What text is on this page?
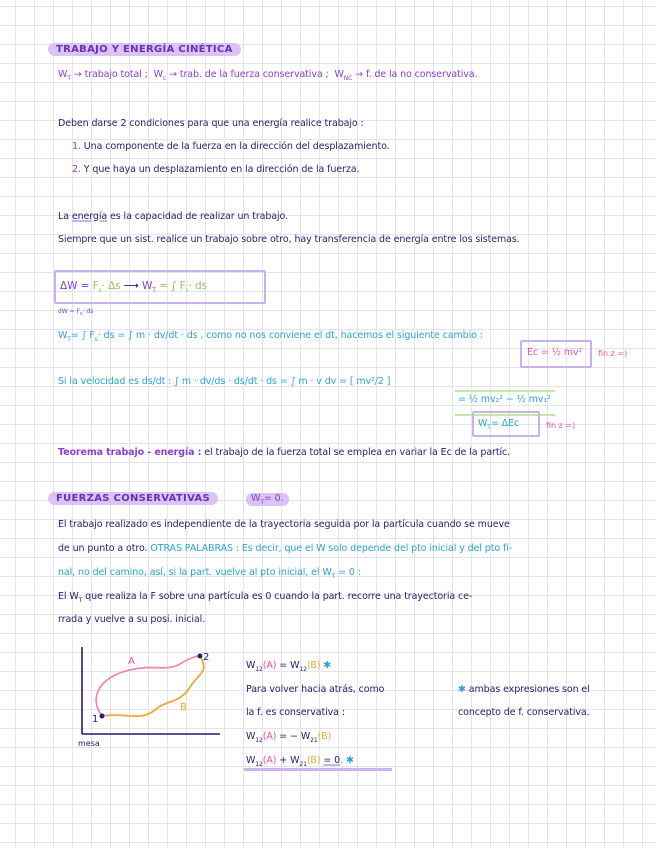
TRABAJO Y ENERGÍA CINÉTICA
$W_T$ → trabajo total ; $W_c$ → trab. de la fuerza conservativa ; $W_{NC} \to f$. de la no conservativa.
Deben darse 2 condiciones para que una energía realice trabajo :
1. Una componente de la fuerza en la dirección del desplazamiento.
2. Y que haya un desplazamiento en la dirección de la fuerza.
La energía es la capacidad de realizar un trabajo.
Siempre que un sist. realice un trabajo sobre otro, hay transferencia de energía entre los sistemas.
$\Delta W = F_s\cdot \Delta s$ ⟶ $W_T$ = ∫ $F_s\cdot$ ds
dW = $F_s\cdot$ ds
$W_T=$ ∫ $F_s\cdot$ ds = ∫ m · dv/dt · ds , como no nos conviene el dt, hacemos el siguiente cambio :
Ec = ½ mv² fin z =)
Si la velocidad es ds/dt : ∫ m · dv/ds · ds/dt · ds = ∫ m · v dv = [ mv²/2 ]
= ½ mv₂² − ½ mv₁²
$W_T= \Delta Ec$	fin z =)
Teorema trabajo - energía : el trabajo de la fuerza total se emplea en variar la Ec de la partíc.
FUERZAS CONSERVATIVAS	$W_T= 0$.
El trabajo realizado es independiente de la trayectoria seguida por la partícula cuando se mueve
de un punto a otro. OTRAS PALABRAS : Es decir, que el W solo depende del pto inicial y del pto fi-
nal, no del camino, así, si la part. vuelve al pto inicial, el $W_T = 0$ :
El $W_T$ que realiza la F sobre una partícula es 0 cuando la part. recorre una trayectoria ce-
rrada y vuelve a su posi. inicial.
A
B
1
2
mesa
$W_{12}(A) = W_{12}(B)$ ✱
Para volver hacia atrás, como
la f. es conservativa :
$W_{12}(A)$ = − $W_{21}(B)$
$W_{12}(A) + W_{21}(B) = 0$. ✱
✱ ambas expresiones son el
concepto de f. conservativa.
